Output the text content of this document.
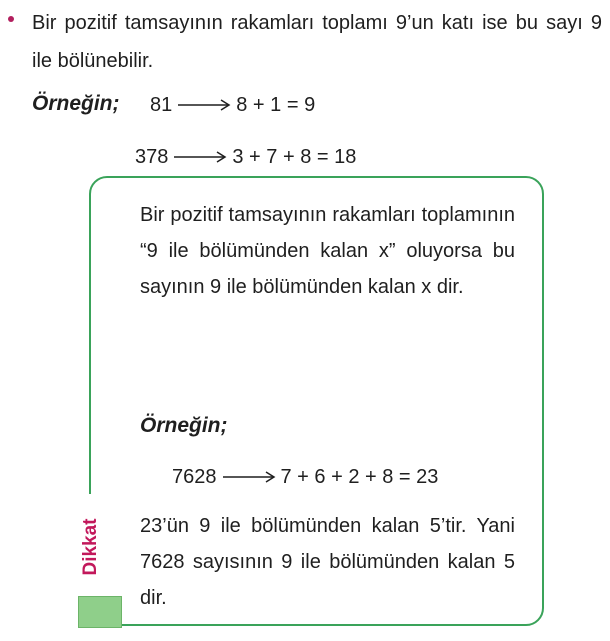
Bir pozitif tamsayının rakamları toplamı 9’un katı ise bu sayı 9 ile bölünebilir.
Örneğin; 81	8 + 1 = 9
378	3 + 7 + 8 = 18
Bir pozitif tamsayının rakamları toplamının “9 ile bölümünden kalan x” oluyorsa bu sayının 9 ile bölümünden kalan x dir.
Örneğin;
7628	7 + 6 + 2 + 8 = 23
23’ün 9 ile bölümünden kalan 5’tir. Yani 7628 sayısının 9 ile bölümünden kalan 5 dir.
Dikkat
